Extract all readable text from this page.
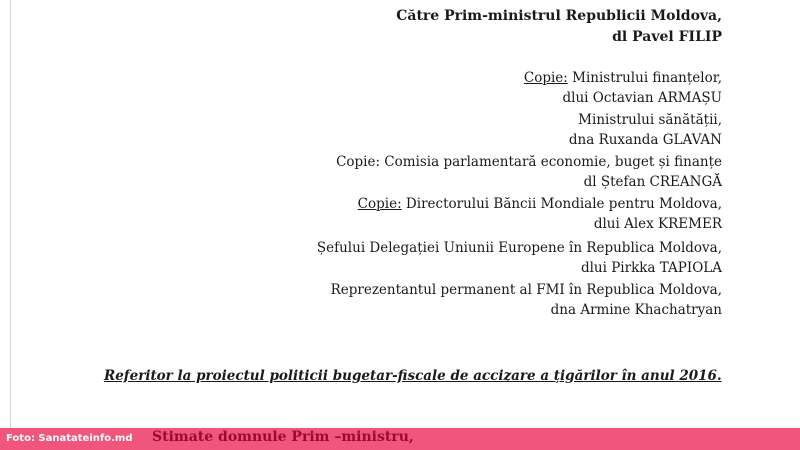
Către Prim-ministrul Republicii Moldova,
dl Pavel FILIP
Copie: Ministrului finanțelor,
dlui Octavian ARMAȘU
Ministrului sănătății,
dna Ruxanda GLAVAN
Copie: Comisia parlamentară economie, buget și finanțe
dl Ștefan CREANGĂ
Copie: Directorului Băncii Mondiale pentru Moldova,
dlui Alex KREMER
Șefului Delegației Uniunii Europene în Republica Moldova,
dlui Pirkka TAPIOLA
Reprezentantul permanent al FMI în Republica Moldova,
dna Armine Khachatryan
Referitor la proiectul politicii bugetar-fiscale de accizare a țigărilor în anul 2016.
Foto: Sanatateinfo.md Stimate domnule Prim –ministru,
